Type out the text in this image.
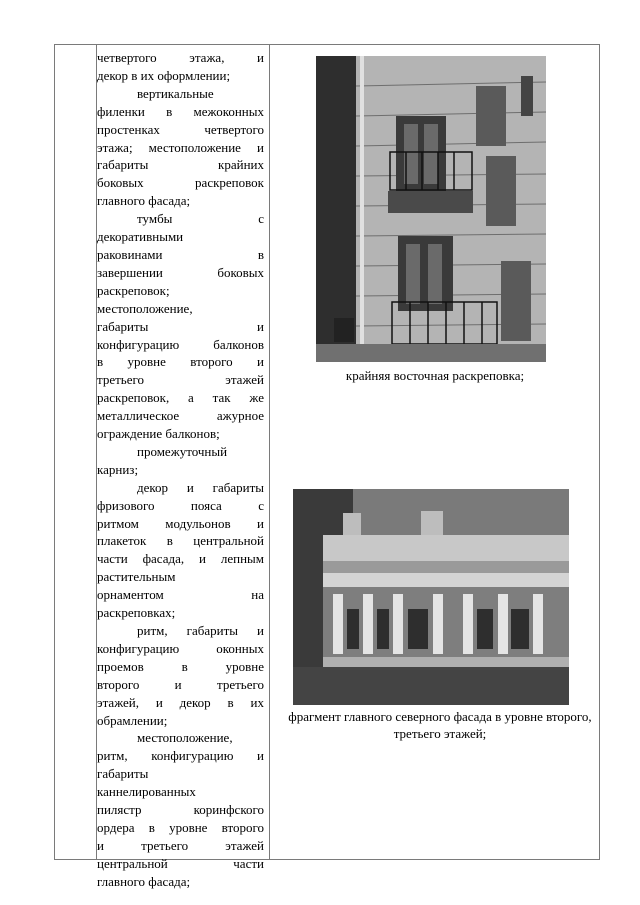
четвертого этажа, и
декор в их оформлении;
вертикальные
филенки в межоконных
простенках четвертого
этажа; местоположение и
габариты крайних
боковых раскреповок
главного фасада;
тумбы с
декоративными
раковинами в
завершении боковых
раскреповок;
местоположение,
габариты и
конфигурацию балконов
в уровне второго и
третьего этажей
раскреповок, а так же
металлическое ажурное
ограждение балконов;
промежуточный
карниз;
декор и габариты
фризового пояса с
ритмом модульонов и
плакеток в центральной
части фасада, и лепным
растительным
орнаментом на
раскреповках;
ритм, габариты и
конфигурацию оконных
проемов в уровне
второго и третьего
этажей, и декор в их
обрамлении;
местоположение,
ритм, конфигурацию и
габариты
каннелированных
пилястр коринфского
ордера в уровне второго
и третьего этажей
центральной части
главного фасада;
крайняя восточная раскреповка;
фрагмент главного северного фасада в уровне второго, третьего этажей;
